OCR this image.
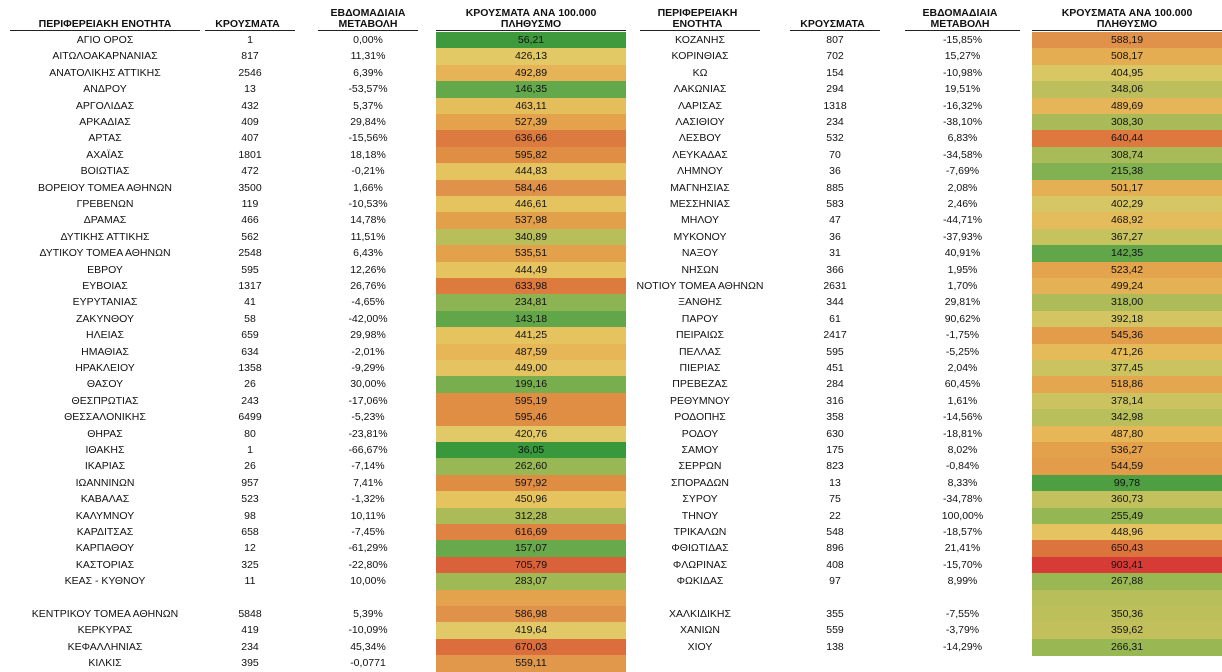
ΠΕΡΙΦΕΡΕΙΑΚΗ ΕΝΟΤΗΤΑ	ΚΡΟΥΣΜΑΤΑ
ΕΒΔΟΜΑΔΙΑΙΑ ΜΕΤΑΒΟΛΗ
ΚΡΟΥΣΜΑΤΑ ΑΝΑ 100.000 ΠΛΗΘΥΣΜΟ
ΠΕΡΙΦΕΡΕΙΑΚΗ ΕΝΟΤΗΤΑ	ΚΡΟΥΣΜΑΤΑ
ΕΒΔΟΜΑΔΙΑΙΑ ΜΕΤΑΒΟΛΗ
ΚΡΟΥΣΜΑΤΑ ΑΝΑ 100.000 ΠΛΗΘΥΣΜΟ
ΑΓΙΟ ΟΡΟΣ	1	0,00%	56,21
ΑΙΤΩΛΟΑΚΑΡΝΑΝΙΑΣ	817	11,31%	426,13
ΑΝΑΤΟΛΙΚΗΣ ΑΤΤΙΚΗΣ	2546	6,39%	492,89
ΑΝΔΡΟΥ	13	-53,57%	146,35
ΑΡΓΟΛΙΔΑΣ	432	5,37%	463,11
ΑΡΚΑΔΙΑΣ	409	29,84%	527,39
ΑΡΤΑΣ	407	-15,56%	636,66
ΑΧΑΪΑΣ	1801	18,18%	595,82
ΒΟΙΩΤΙΑΣ	472	-0,21%	444,83
ΒΟΡΕΙΟΥ ΤΟΜΕΑ ΑΘΗΝΩΝ	3500	1,66%	584,46
ΓΡΕΒΕΝΩΝ	119	-10,53%	446,61
ΔΡΑΜΑΣ	466	14,78%	537,98
ΔΥΤΙΚΗΣ ΑΤΤΙΚΗΣ	562	11,51%	340,89
ΔΥΤΙΚΟΥ ΤΟΜΕΑ ΑΘΗΝΩΝ	2548	6,43%	535,51
ΕΒΡΟΥ	595	12,26%	444,49
ΕΥΒΟΙΑΣ	1317	26,76%	633,98
ΕΥΡΥΤΑΝΙΑΣ	41	-4,65%	234,81
ΖΑΚΥΝΘΟΥ	58	-42,00%	143,18
ΗΛΕΙΑΣ	659	29,98%	441,25
ΗΜΑΘΙΑΣ	634	-2,01%	487,59
ΗΡΑΚΛΕΙΟΥ	1358	-9,29%	449,00
ΘΑΣΟΥ	26	30,00%	199,16
ΘΕΣΠΡΩΤΙΑΣ	243	-17,06%	595,19
ΘΕΣΣΑΛΟΝΙΚΗΣ	6499	-5,23%	595,46
ΘΗΡΑΣ	80	-23,81%	420,76
ΙΘΑΚΗΣ	1	-66,67%	36,05
ΙΚΑΡΙΑΣ	26	-7,14%	262,60
ΙΩΑΝΝΙΝΩΝ	957	7,41%	597,92
ΚΑΒΑΛΑΣ	523	-1,32%	450,96
ΚΑΛΥΜΝΟΥ	98	10,11%	312,28
ΚΑΡΔΙΤΣΑΣ	658	-7,45%	616,69
ΚΑΡΠΑΘΟΥ	12	-61,29%	157,07
ΚΑΣΤΟΡΙΑΣ	325	-22,80%	705,79
ΚΕΑΣ - ΚΥΘΝΟΥ	11	10,00%	283,07
ΚΕΝΤΡΙΚΟΥ ΤΟΜΕΑ ΑΘΗΝΩΝ	5848	5,39%	586,98
ΚΕΡΚΥΡΑΣ	419	-10,09%	419,64
ΚΕΦΑΛΛΗΝΙΑΣ	234	45,34%	670,03
ΚΙΛΚΙΣ	395	-0,0771	559,11
ΚΟΖΑΝΗΣ	807	-15,85%	588,19
ΚΟΡΙΝΘΙΑΣ	702	15,27%	508,17
ΚΩ	154	-10,98%	404,95
ΛΑΚΩΝΙΑΣ	294	19,51%	348,06
ΛΑΡΙΣΑΣ	1318	-16,32%	489,69
ΛΑΣΙΘΙΟΥ	234	-38,10%	308,30
ΛΕΣΒΟΥ	532	6,83%	640,44
ΛΕΥΚΑΔΑΣ	70	-34,58%	308,74
ΛΗΜΝΟΥ	36	-7,69%	215,38
ΜΑΓΝΗΣΙΑΣ	885	2,08%	501,17
ΜΕΣΣΗΝΙΑΣ	583	2,46%	402,29
ΜΗΛΟΥ	47	-44,71%	468,92
ΜΥΚΟΝΟΥ	36	-37,93%	367,27
ΝΑΞΟΥ	31	40,91%	142,35
ΝΗΣΩΝ	366	1,95%	523,42
ΝΟΤΙΟΥ ΤΟΜΕΑ ΑΘΗΝΩΝ	2631	1,70%	499,24
ΞΑΝΘΗΣ	344	29,81%	318,00
ΠΑΡΟΥ	61	90,62%	392,18
ΠΕΙΡΑΙΩΣ	2417	-1,75%	545,36
ΠΕΛΛΑΣ	595	-5,25%	471,26
ΠΙΕΡΙΑΣ	451	2,04%	377,45
ΠΡΕΒΕΖΑΣ	284	60,45%	518,86
ΡΕΘΥΜΝΟΥ	316	1,61%	378,14
ΡΟΔΟΠΗΣ	358	-14,56%	342,98
ΡΟΔΟΥ	630	-18,81%	487,80
ΣΑΜΟΥ	175	8,02%	536,27
ΣΕΡΡΩΝ	823	-0,84%	544,59
ΣΠΟΡΑΔΩΝ	13	8,33%	99,78
ΣΥΡΟΥ	75	-34,78%	360,73
ΤΗΝΟΥ	22	100,00%	255,49
ΤΡΙΚΑΛΩΝ	548	-18,57%	448,96
ΦΘΙΩΤΙΔΑΣ	896	21,41%	650,43
ΦΛΩΡΙΝΑΣ	408	-15,70%	903,41
ΦΩΚΙΔΑΣ	97	8,99%	267,88
ΧΑΛΚΙΔΙΚΗΣ	355	-7,55%	350,36
ΧΑΝΙΩΝ	559	-3,79%	359,62
ΧΙΟΥ	138	-14,29%	266,31
